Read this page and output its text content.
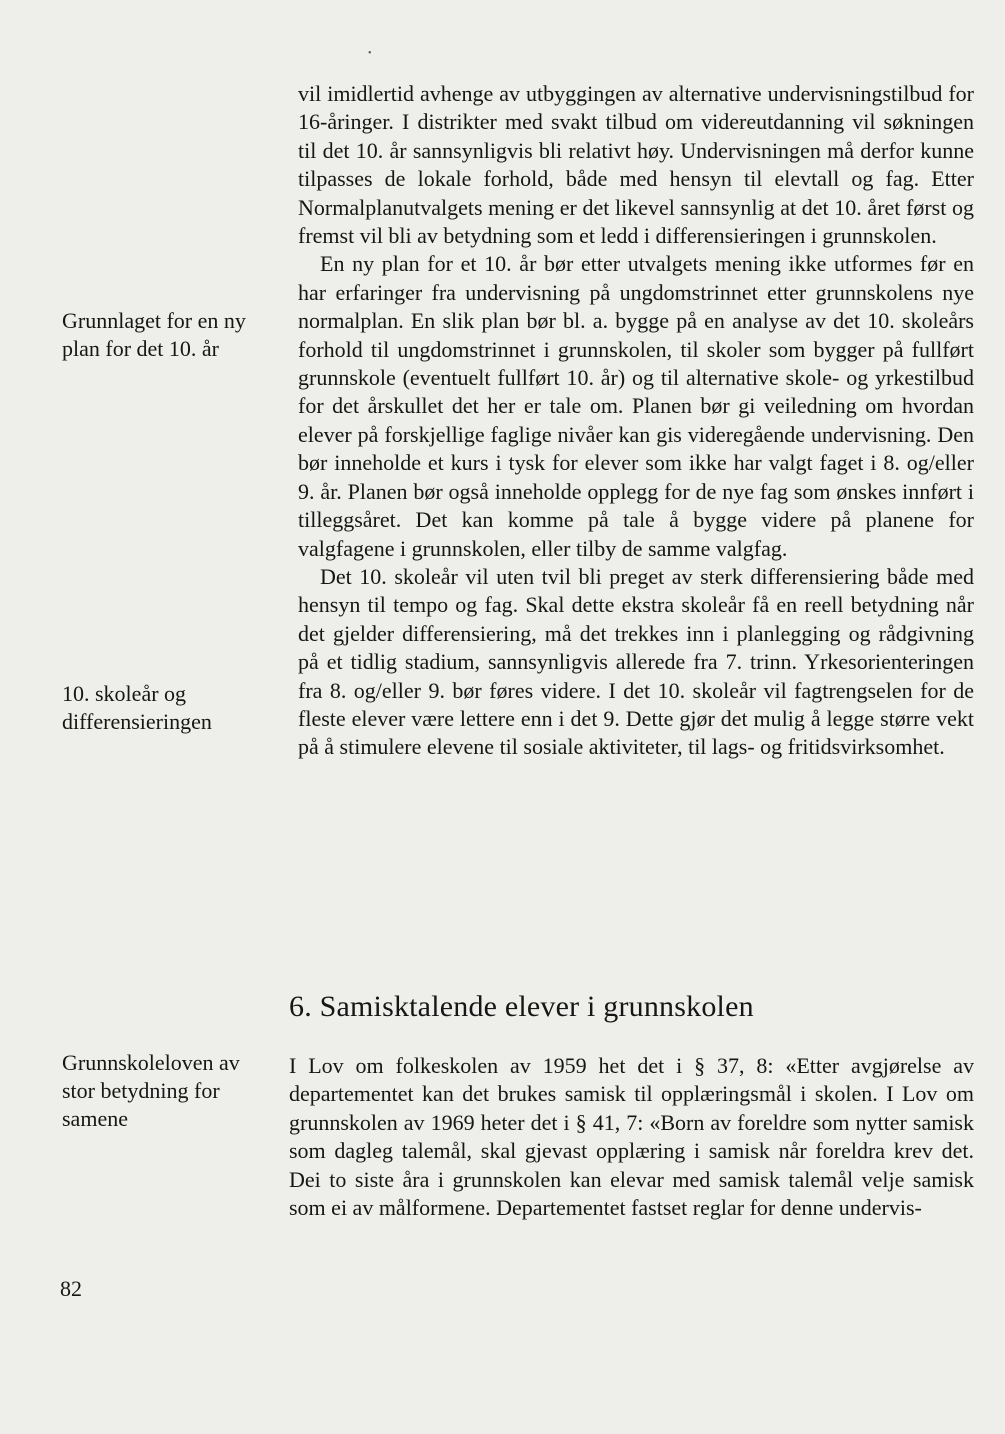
•
Grunnlaget for en ny plan for det 10. år
10. skoleår og differensieringen
Grunnskoleloven av stor betydning for samene

vil imidlertid avhenge av utbyggingen av alternative undervisningstilbud for 16-åringer. I distrikter med svakt tilbud om videreutdanning vil søkningen til det 10. år sannsynligvis bli relativt høy. Undervisningen må derfor kunne tilpasses de lokale forhold, både med hensyn til elevtall og fag. Etter Normalplanutvalgets mening er det likevel sannsynlig at det 10. året først og fremst vil bli av betydning som et ledd i differensieringen i grunnskolen.

En ny plan for et 10. år bør etter utvalgets mening ikke utformes før en har erfaringer fra undervisning på ungdomstrinnet etter grunnskolens nye normalplan. En slik plan bør bl. a. bygge på en analyse av det 10. skoleårs forhold til ungdomstrinnet i grunnskolen, til skoler som bygger på fullført grunnskole (eventuelt fullført 10. år) og til alternative skole- og yrkestilbud for det årskullet det her er tale om. Planen bør gi veiledning om hvordan elever på forskjellige faglige nivåer kan gis videregående undervisning. Den bør inneholde et kurs i tysk for elever som ikke har valgt faget i 8. og/eller 9. år. Planen bør også inneholde opplegg for de nye fag som ønskes innført i tilleggsåret. Det kan komme på tale å bygge videre på planene for valgfagene i grunnskolen, eller tilby de samme valgfag.

Det 10. skoleår vil uten tvil bli preget av sterk differensiering både med hensyn til tempo og fag. Skal dette ekstra skoleår få en reell betydning når det gjelder differensiering, må det trekkes inn i planlegging og rådgivning på et tidlig stadium, sannsynligvis allerede fra 7. trinn. Yrkesorienteringen fra 8. og/eller 9. bør føres videre. I det 10. skoleår vil fagtrengselen for de fleste elever være lettere enn i det 9. Dette gjør det mulig å legge større vekt på å stimulere elevene til sosiale aktiviteter, til lags- og fritidsvirksomhet.

6. Samisktalende elever i grunnskolen

I Lov om folkeskolen av 1959 het det i § 37, 8: «Etter avgjørelse av departementet kan det brukes samisk til opplæringsmål i skolen. I Lov om grunnskolen av 1969 heter det i § 41, 7: «Born av foreldre som nytter samisk som dagleg talemål, skal gjevast opplæring i samisk når foreldra krev det. Dei to siste åra i grunnskolen kan elevar med samisk talemål velje samisk som ei av målformene. Departementet fastset reglar for denne undervis-

82
